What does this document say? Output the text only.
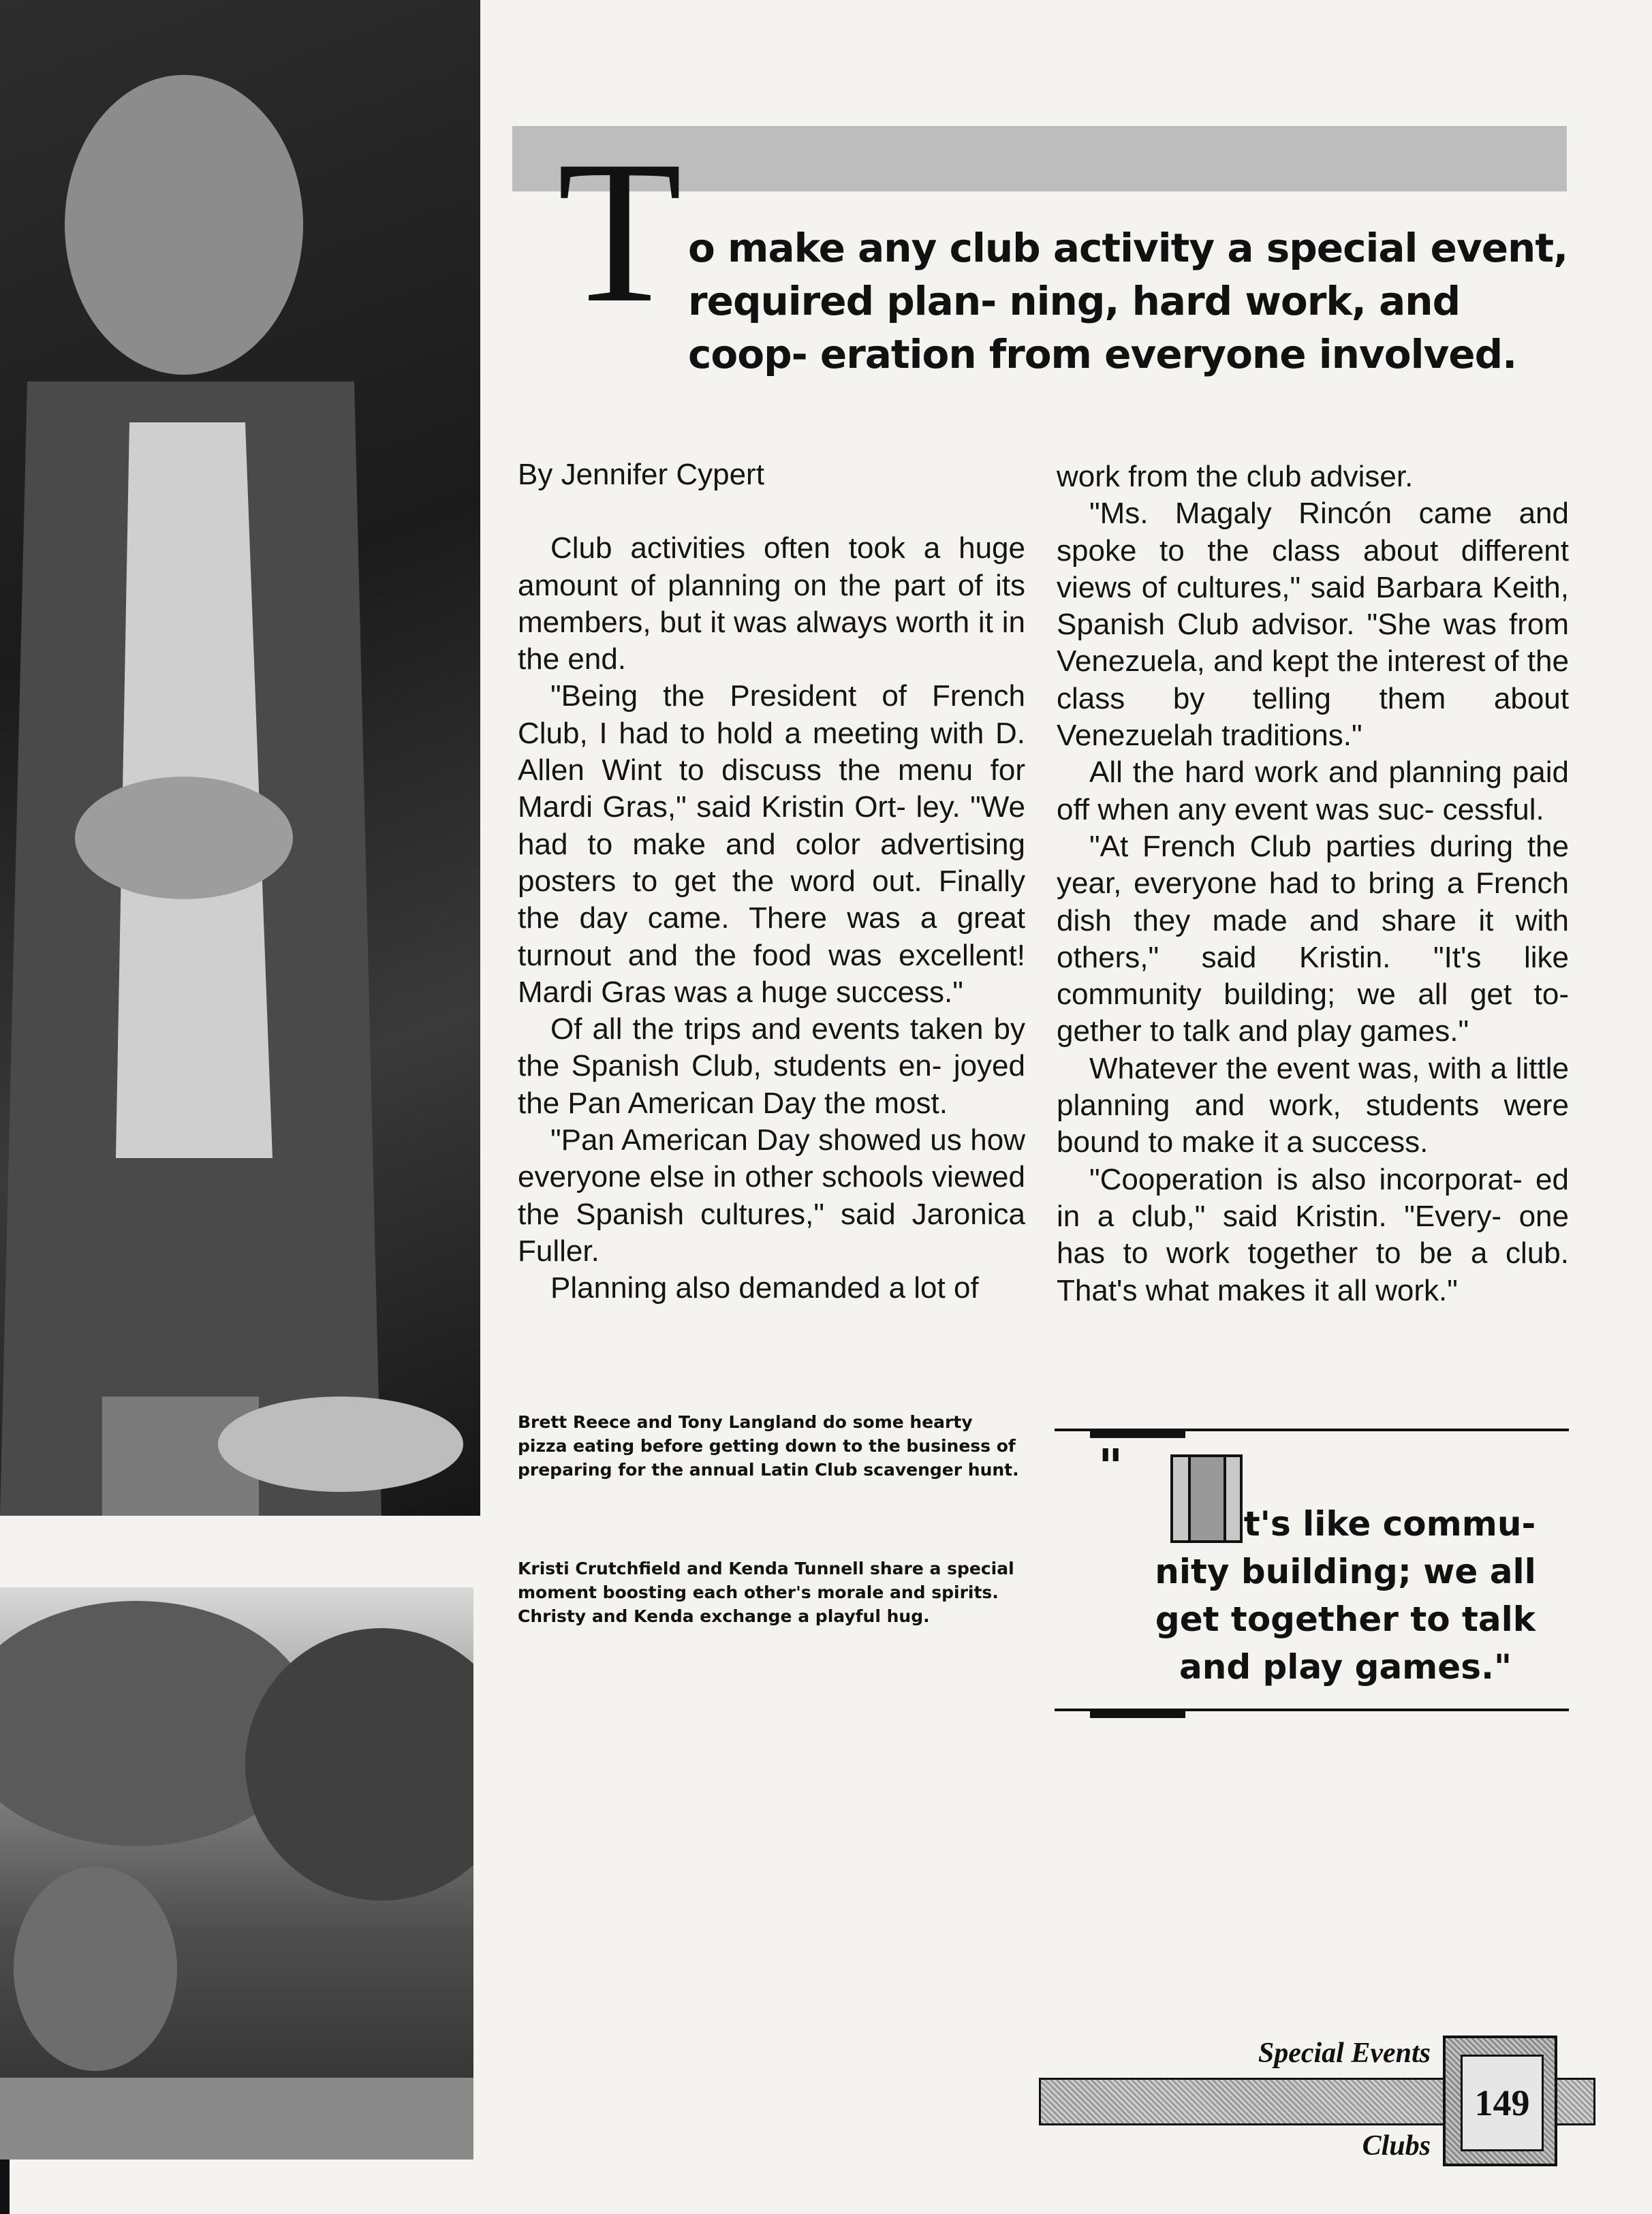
T o make any club activity a special event, required plan- ning, hard work, and coop- eration from everyone involved.

By Jennifer Cypert

Club activities often took a huge amount of planning on the part of its members, but it was always worth it in the end.

"Being the President of French Club, I had to hold a meeting with D. Allen Wint to discuss the menu for Mardi Gras," said Kristin Ort- ley. "We had to make and color advertising posters to get the word out. Finally the day came. There was a great turnout and the food was excellent! Mardi Gras was a huge success."

Of all the trips and events taken by the Spanish Club, students en- joyed the Pan American Day the most.

"Pan American Day showed us how everyone else in other schools viewed the Spanish cultures," said Jaronica Fuller.

Planning also demanded a lot of

work from the club adviser.

"Ms. Magaly Rincón came and spoke to the class about different views of cultures," said Barbara Keith, Spanish Club advisor. "She was from Venezuela, and kept the interest of the class by telling them about Venezuelah traditions."

All the hard work and planning paid off when any event was suc- cessful.

"At French Club parties during the year, everyone had to bring a French dish they made and share it with others," said Kristin. "It's like community building; we all get to- gether to talk and play games."

Whatever the event was, with a little planning and work, students were bound to make it a success.

"Cooperation is also incorporat- ed in a club," said Kristin. "Every- one has to work together to be a club. That's what makes it all work."

Brett Reece and Tony Langland do some hearty pizza eating before getting down to the business of preparing for the annual Latin Club scavenger hunt.

Kristi Crutchfield and Kenda Tunnell share a special moment boosting each other's morale and spirits. Christy and Kenda exchange a playful hug.

"

t's like commu- nity building; we all get together to talk and play games."

Special Events
149
Clubs
